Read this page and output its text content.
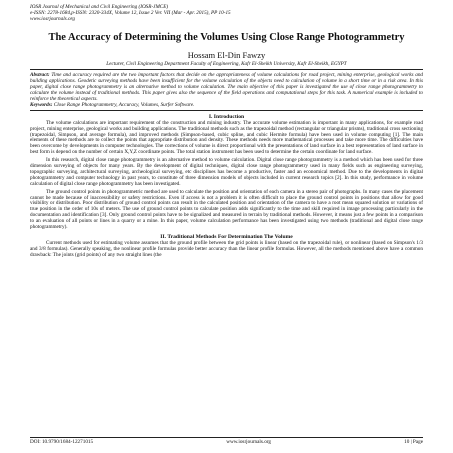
IOSR Journal of Mechanical and Civil Engineering (IOSR-JMCE)
e-ISSN: 2278-1684,p-ISSN: 2320-334X, Volume 12, Issue 2 Ver. VII (Mar - Apr. 2015), PP 10-15
www.iosrjournals.org
The Accuracy of Determining the Volumes Using Close Range Photogrammetry
Hossam El-Din Fawzy
Lecturer, Civil Engineering Department Faculty of Engineering, Kafr El-Sheikh University, Kafr El-Sheikh, EGYPT
Abstract: Time and accuracy required are the two important factors that decide on the appropriateness of volume calculations for road project, mining enterprise, geological works and building applications. Geodetic surveying methods have been insufficient for the volume calculation of the objects need to calculation of volume in a short time or in a risk area. In this paper, digital close range photogrammetry is an alternative method to volume calculation. The main objective of this paper is investigated the use of close range photogrammetry to calculate the volume instead of traditional methods. This paper gives also the sequence of the field operations and computational steps for this task. A numerical example is included to reinforce the theoretical aspects.
Keywords: Close Range Photogrammetry, Accuracy, Volumes, Surfer Software.
I. Introduction

The volume calculations are important requirement of the construction and mining industry. The accurate volume estimation is important in many applications, for example road project, mining enterprise, geological works and building applications. The traditional methods such as the trapezoidal method (rectangular or triangular prisms), traditional cross sectioning (trapezoidal, Simpson, and average formula), and improved methods (Simpson-based, cubic spline, and cubic Hermite formula) have been used in volume computing [1]. The main elements of these methods are to collect the points that appropriate distribution and density. These methods needs more mathematical processes and take more time. The difficulties have been overcome by developments in computer technologies. The corrections of volume is direct proportional with the presentations of land surface in a best representation of land surface in best form is depend on the number of certain X,Y,Z coordinate points. The total station instrument has been used to determine the certain coordinate for land surface.

In this research, digital close range photogrammetry is an alternative method to volume calculation. Digital close range photogrammetry is a method which has been used for three dimension surveying of objects for many years. By the development of digital techniques, digital close range photogrammetry used in many fields such as engineering surveying, topographic surveying, architectural surveying, archeological surveying, etc disciplines has become a productive, faster and an economical method. Due to the developments in digital photogrammetry and computer technology in past years, to constitute of three dimension models of objects included in current research topics [2]. In this study, performance in volume calculation of digital close range photogrammetry has been investigated.

The ground control points in photogrammetric method are used to calculate the position and orientation of each camera in a stereo pair of photographs. In many cases the placement cannot be made because of inaccessibility or safety restrictions. Even if access is not a problem it is often difficult to place the ground control points in positions that allow for good visibility or distribution. Poor distribution of ground control points can result in the calculated position and orientation of the camera to have a root mean squared solution or variations of true position in the order of 10s of meters. The use of ground control points to calculate position adds significantly to the time and skill required in image processing particularly in the documentation and identification [3]. Only ground control points have to be signalized and measured in terrain by traditional methods. However, it means just a few points in a comparison to an evaluation of all points or lines in a quarry or a mine. In this paper, volume calculation performance has been investigated using two methods (traditional and digital close range photogrammetry).

II. Traditional Methods For Determination The Volume

Current methods used for estimating volume assumes that the ground profile between the grid points is linear (based on the trapezoidal rule), or nonlinear (based on Simpson's 1/3 and 3/8 formulas). Generally speaking, the nonlinear profile formulas provide better accuracy than the linear profile formulas. However, all the methods mentioned above have a common drawback: The joints (grid points) of any two straight lines (the

DOI: 10.9790/1684-12271015	www.iosrjournals.org	10 | Page
